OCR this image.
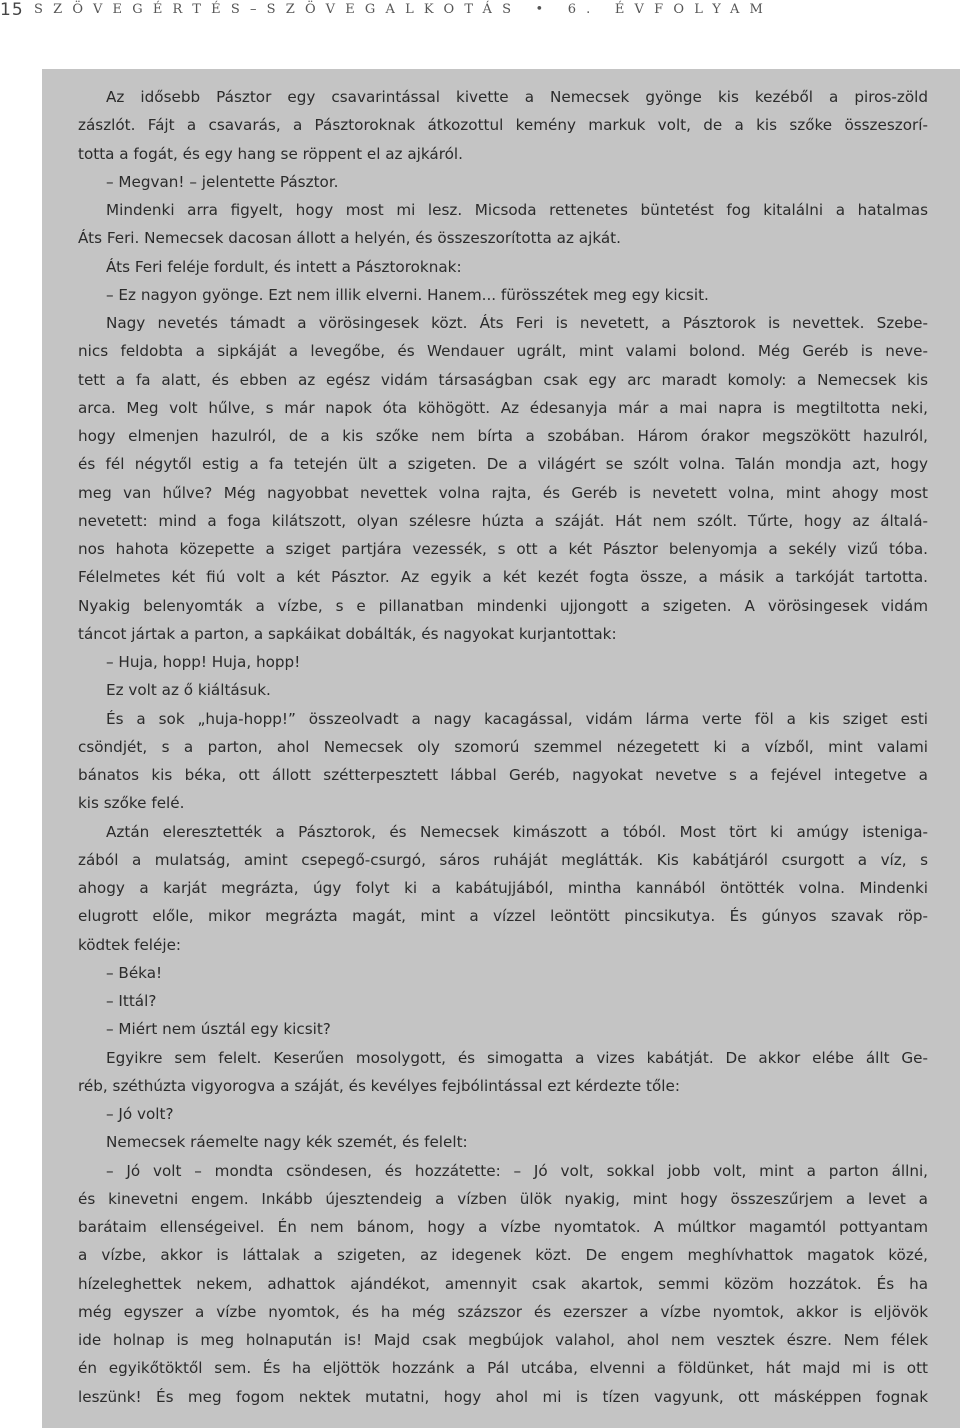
15 SZÖVEGÉRTÉS–SZÖVEGALKOTÁS • 6. ÉVFOLYAM
Az idősebb Pásztor egy csavarintással kivette a Nemecsek gyönge kis kezéből a piros-zöld
zászlót. Fájt a csavarás, a Pásztoroknak átkozottul kemény markuk volt, de a kis szőke összeszorí-
totta a fogát, és egy hang se röppent el az ajkáról.
– Megvan! – jelentette Pásztor.
Mindenki arra figyelt, hogy most mi lesz. Micsoda rettenetes büntetést fog kitalálni a hatalmas
Áts Feri. Nemecsek dacosan állott a helyén, és összeszorította az ajkát.
Áts Feri feléje fordult, és intett a Pásztoroknak:
– Ez nagyon gyönge. Ezt nem illik elverni. Hanem... fürösszétek meg egy kicsit.
Nagy nevetés támadt a vörösingesek közt. Áts Feri is nevetett, a Pásztorok is nevettek. Szebe-
nics feldobta a sipkáját a levegőbe, és Wendauer ugrált, mint valami bolond. Még Geréb is neve-
tett a fa alatt, és ebben az egész vidám társaságban csak egy arc maradt komoly: a Nemecsek kis
arca. Meg volt hűlve, s már napok óta köhögött. Az édesanyja már a mai napra is megtiltotta neki,
hogy elmenjen hazulról, de a kis szőke nem bírta a szobában. Három órakor megszökött hazulról,
és fél négytől estig a fa tetején ült a szigeten. De a világért se szólt volna. Talán mondja azt, hogy
meg van hűlve? Még nagyobbat nevettek volna rajta, és Geréb is nevetett volna, mint ahogy most
nevetett: mind a foga kilátszott, olyan szélesre húzta a száját. Hát nem szólt. Tűrte, hogy az általá-
nos hahota közepette a sziget partjára vezessék, s ott a két Pásztor belenyomja a sekély vizű tóba.
Félelmetes két fiú volt a két Pásztor. Az egyik a két kezét fogta össze, a másik a tarkóját tartotta.
Nyakig belenyomták a vízbe, s e pillanatban mindenki ujjongott a szigeten. A vörösingesek vidám
táncot jártak a parton, a sapkáikat dobálták, és nagyokat kurjantottak:
– Huja, hopp! Huja, hopp!
Ez volt az ő kiáltásuk.
És a sok „huja-hopp!” összeolvadt a nagy kacagással, vidám lárma verte föl a kis sziget esti
csöndjét, s a parton, ahol Nemecsek oly szomorú szemmel nézegetett ki a vízből, mint valami
bánatos kis béka, ott állott szétterpesztett lábbal Geréb, nagyokat nevetve s a fejével integetve a
kis szőke felé.
Aztán eleresztették a Pásztorok, és Nemecsek kimászott a tóból. Most tört ki amúgy isteniga-
zából a mulatság, amint csepegő-csurgó, sáros ruháját meglátták. Kis kabátjáról csurgott a víz, s
ahogy a karját megrázta, úgy folyt ki a kabátujjából, mintha kannából öntötték volna. Mindenki
elugrott előle, mikor megrázta magát, mint a vízzel leöntött pincsikutya. És gúnyos szavak röp-
ködtek feléje:
– Béka!
– Ittál?
– Miért nem úsztál egy kicsit?
Egyikre sem felelt. Keserűen mosolygott, és simogatta a vizes kabátját. De akkor elébe állt Ge-
réb, széthúzta vigyorogva a száját, és kevélyes fejbólintással ezt kérdezte tőle:
– Jó volt?
Nemecsek ráemelte nagy kék szemét, és felelt:
– Jó volt – mondta csöndesen, és hozzátette: – Jó volt, sokkal jobb volt, mint a parton állni,
és kinevetni engem. Inkább újesztendeig a vízben ülök nyakig, mint hogy összeszűrjem a levet a
barátaim ellenségeivel. Én nem bánom, hogy a vízbe nyomtatok. A múltkor magamtól pottyantam
a vízbe, akkor is láttalak a szigeten, az idegenek közt. De engem meghívhattok magatok közé,
hízeleghettek nekem, adhattok ajándékot, amennyit csak akartok, semmi közöm hozzátok. És ha
még egyszer a vízbe nyomtok, és ha még százszor és ezerszer a vízbe nyomtok, akkor is eljövök
ide holnap is meg holnapután is! Majd csak megbújok valahol, ahol nem vesztek észre. Nem félek
én egyikőtöktől sem. És ha eljöttök hozzánk a Pál utcába, elvenni a földünket, hát majd mi is ott
leszünk! És meg fogom nektek mutatni, hogy ahol mi is tízen vagyunk, ott másképpen fognak
